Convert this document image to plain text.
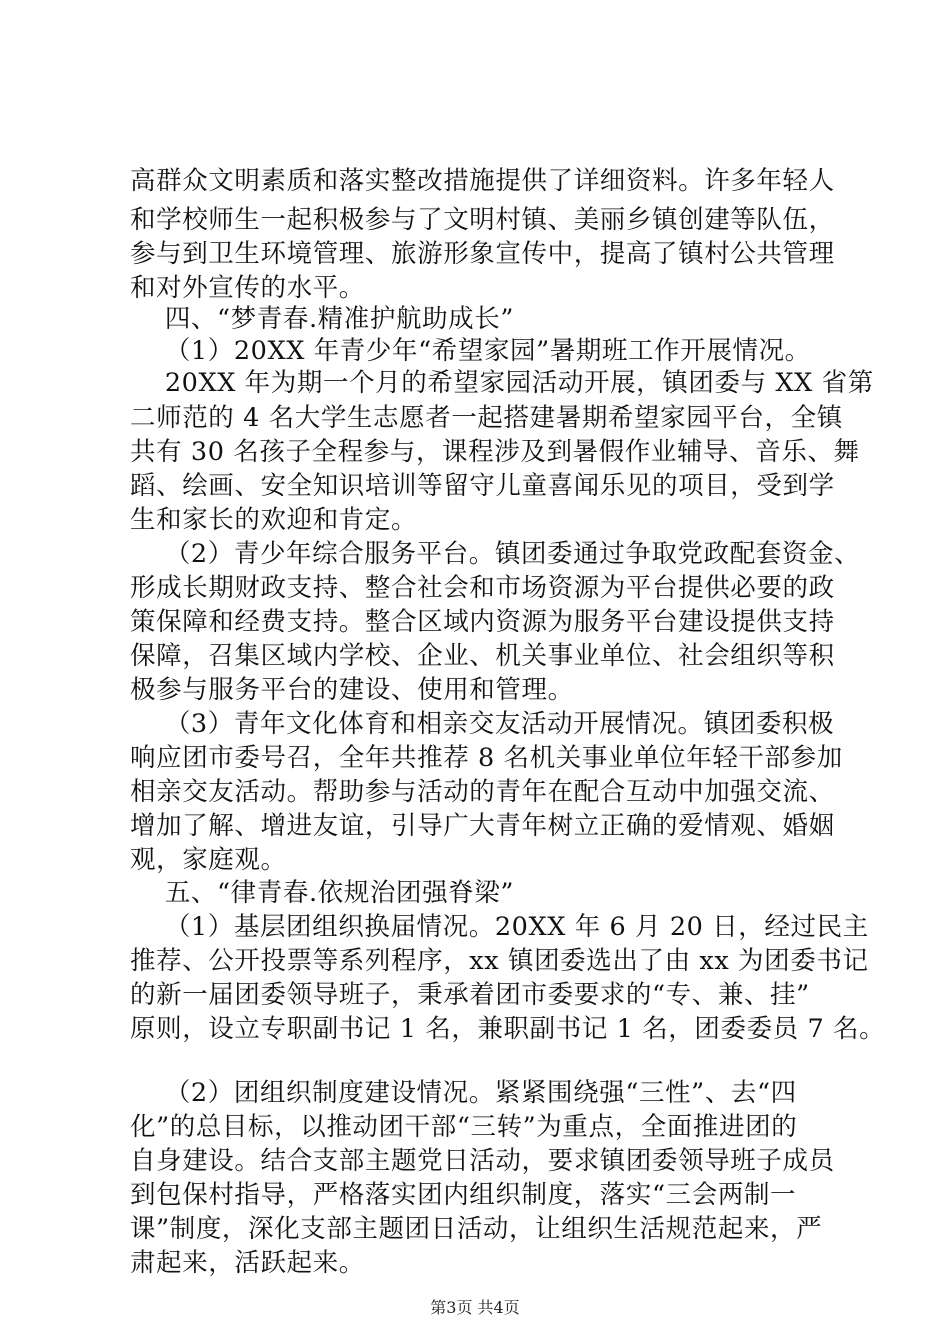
高群众文明素质和落实整改措施提供了详细资料。许多年轻人
和学校师生一起积极参与了文明村镇、美丽乡镇创建等队伍，
参与到卫生环境管理、旅游形象宣传中，提高了镇村公共管理
和对外宣传的水平。
四、“梦青春.精准护航助成长”
（1）20XX 年青少年“希望家园”暑期班工作开展情况。
20XX 年为期一个月的希望家园活动开展，镇团委与 XX 省第
二师范的 4 名大学生志愿者一起搭建暑期希望家园平台，全镇
共有 30 名孩子全程参与，课程涉及到暑假作业辅导、音乐、舞
蹈、绘画、安全知识培训等留守儿童喜闻乐见的项目，受到学
生和家长的欢迎和肯定。
（2）青少年综合服务平台。镇团委通过争取党政配套资金、
形成长期财政支持、整合社会和市场资源为平台提供必要的政
策保障和经费支持。整合区域内资源为服务平台建设提供支持
保障，召集区域内学校、企业、机关事业单位、社会组织等积
极参与服务平台的建设、使用和管理。
（3）青年文化体育和相亲交友活动开展情况。镇团委积极
响应团市委号召，全年共推荐 8 名机关事业单位年轻干部参加
相亲交友活动。帮助参与活动的青年在配合互动中加强交流、
增加了解、增进友谊，引导广大青年树立正确的爱情观、婚姻
观，家庭观。
五、“律青春.依规治团强脊梁”
（1）基层团组织换届情况。20XX 年 6 月 20 日，经过民主
推荐、公开投票等系列程序，xx 镇团委选出了由 xx 为团委书记
的新一届团委领导班子，秉承着团市委要求的“专、兼、挂”
原则，设立专职副书记 1 名，兼职副书记 1 名，团委委员 7 名。
（2）团组织制度建设情况。紧紧围绕强“三性”、去“四
化”的总目标，以推动团干部“三转”为重点，全面推进团的
自身建设。结合支部主题党日活动，要求镇团委领导班子成员
到包保村指导，严格落实团内组织制度，落实“三会两制一
课”制度，深化支部主题团日活动，让组织生活规范起来，严
肃起来，活跃起来。
第3页 共4页
